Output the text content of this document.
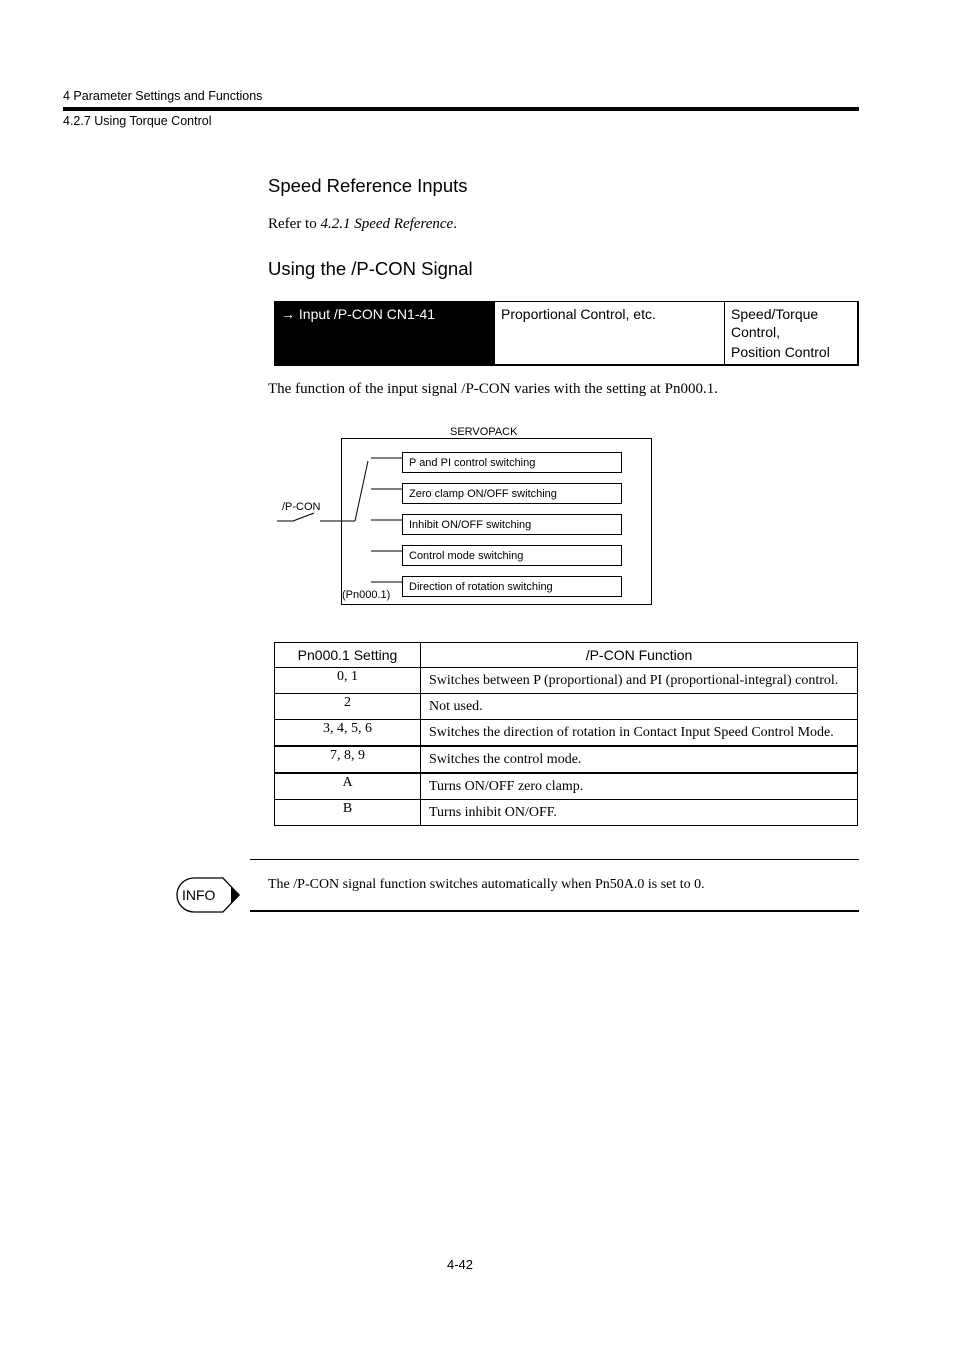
4 Parameter Settings and Functions
4.2.7 Using Torque Control
Speed Reference Inputs
Refer to 4.2.1 Speed Reference.
Using the /P-CON Signal
→ Input /P-CON CN1-41	Proportional Control, etc.	Speed/Torque
Control,
Position Control
The function of the input signal /P-CON varies with the setting at Pn000.1.
SERVOPACK
/P-CON
P and PI control switching
Zero clamp ON/OFF switching
Inhibit ON/OFF switching
Control mode switching
Direction of rotation switching
(Pn000.1)
Pn000.1 Setting	/P-CON Function
0, 1	Switches between P (proportional) and PI (proportional-integral) control.
2	Not used.
3, 4, 5, 6	Switches the direction of rotation in Contact Input Speed Control Mode.
7, 8, 9	Switches the control mode.
A	Turns ON/OFF zero clamp.
B	Turns inhibit ON/OFF.
INFO
The /P-CON signal function switches automatically when Pn50A.0 is set to 0.
4-42
